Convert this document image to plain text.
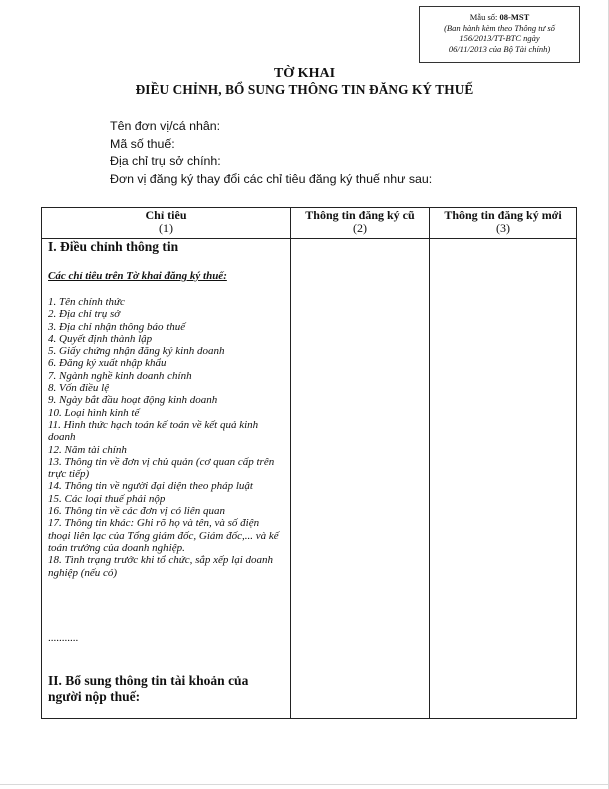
Mẫu số: 08-MST
(Ban hành kèm theo Thông tư số
156/2013/TT-BTC ngày
06/11/2013 của Bộ Tài chính)
TỜ KHAI
ĐIỀU CHỈNH, BỔ SUNG THÔNG TIN ĐĂNG KÝ THUẾ
Tên đơn vị/cá nhân:
Mã số thuế:
Địa chỉ trụ sở chính:
Đơn vị đăng ký thay đổi các chỉ tiêu đăng ký thuế như sau:
Chỉ tiêu
(1)
Thông tin đăng ký cũ
(2)
Thông tin đăng ký mới
(3)
I. Điều chỉnh thông tin
Các chỉ tiêu trên Tờ khai đăng ký thuế:
1. Tên chính thức
2. Địa chỉ trụ sở
3. Địa chỉ nhận thông báo thuế
4. Quyết định thành lập
5. Giấy chứng nhận đăng ký kinh doanh
6. Đăng ký xuất nhập khẩu
7. Ngành nghề kinh doanh chính
8. Vốn điều lệ
9. Ngày bắt đầu hoạt động kinh doanh
10. Loại hình kinh tế
11. Hình thức hạch toán kế toán về kết quả kinh doanh
12. Năm tài chính
13. Thông tin về đơn vị chủ quản (cơ quan cấp trên trực tiếp)
14. Thông tin về người đại diện theo pháp luật
15. Các loại thuế phải nộp
16. Thông tin về các đơn vị có liên quan
17. Thông tin khác: Ghi rõ họ và tên, và số điện thoại liên lạc của Tổng giám đốc, Giám đốc,... và kế toán trưởng của doanh nghiệp.
18. Tình trạng trước khi tổ chức, sắp xếp lại doanh nghiệp (nếu có)
...........
II. Bổ sung thông tin tài khoản của người nộp thuế:
